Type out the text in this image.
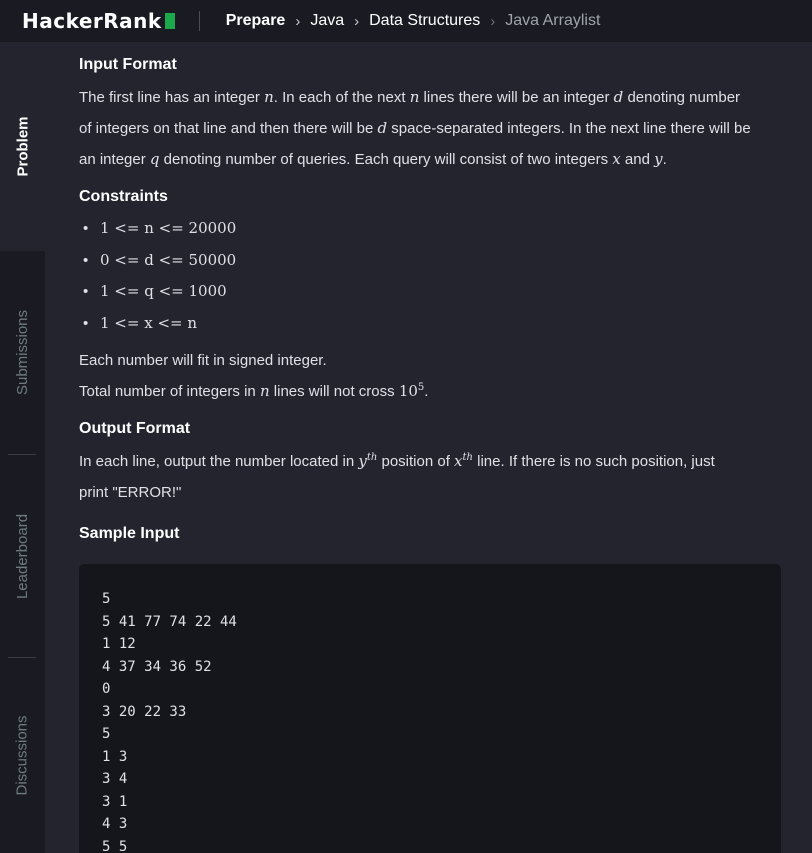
HackerRank	Prepare › Java › Data Structures › Java Arraylist
Problem
Submissions
Leaderboard
Discussions
Input Format

The first line has an integer n. In each of the next n lines there will be an integer d denoting number
of integers on that line and then there will be d space-separated integers. In the next line there will be
an integer q denoting number of queries. Each query will consist of two integers x and y.

Constraints
• 1 <= n <= 20000
• 0 <= d <= 50000
• 1 <= q <= 1000
• 1 <= x <= n

Each number will fit in signed integer.

Total number of integers in n lines will not cross $10^5$.

Output Format

In each line, output the number located in $y^{th}$ position of $x^{th}$ line. If there is no such position, just
print "ERROR!"

Sample Input
5
5 41 77 74 22 44
1 12
4 37 34 36 52
0
3 20 22 33
5
1 3
3 4
3 1
4 3
5 5
